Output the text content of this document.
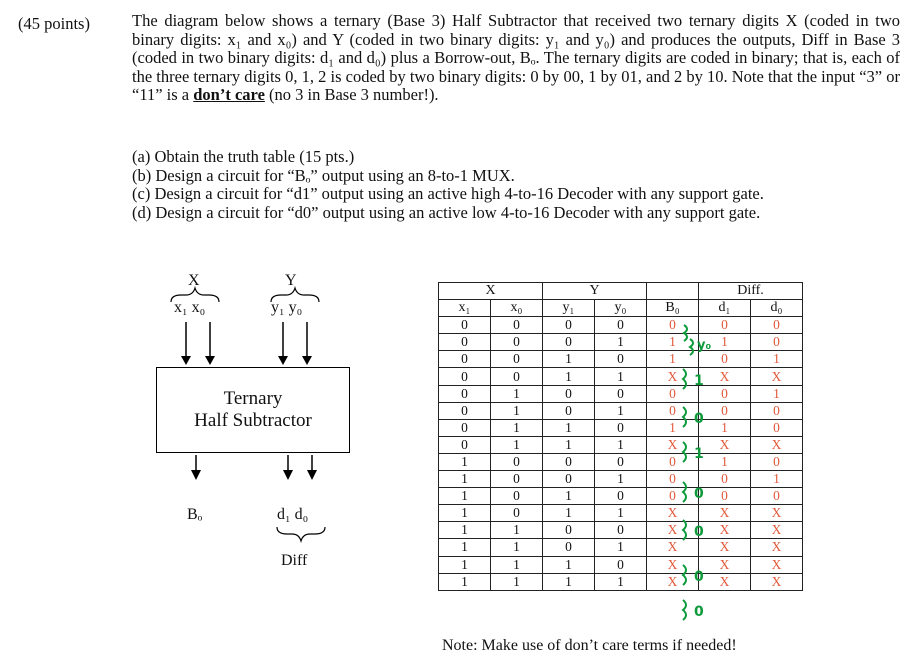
(45 points)	The diagram below shows a ternary (Base 3) Half Subtractor that received two ternary digits X (coded in two binary digits: x₁ and x₀) and Y (coded in two binary digits: y₁ and y₀) and produces the outputs, Diff in Base 3 (coded in two binary digits: d₁ and d₀) plus a Borrow-out, Bₒ. The ternary digits are coded in binary; that is, each of the three ternary digits 0, 1, 2 is coded by two binary digits: 0 by 00, 1 by 01, and 2 by 10. Note that the input “3” or “11” is a don’t care (no 3 in Base 3 number!).
(a) Obtain the truth table (15 pts.)
(b) Design a circuit for “Bₒ” output using an 8-to-1 MUX.
(c) Design a circuit for “d1” output using an active high 4-to-16 Decoder with any support gate.
(d) Design a circuit for “d0” output using an active low 4-to-16 Decoder with any support gate.
X	Y
x₁ x₀	y₁ y₀
Ternary
Half Subtractor
Bₒ	d₁ d₀
Diff
X		Y			Diff.	
x₁	x₀	y₁	y₀	B₀	d₁	d₀
0	0	0	0	0	0	0
0	0	0	1	1	1	0
0	0	1	0	1	0	1
0	0	1	1	X	X	X
0	1	0	0	0	0	1
0	1	0	1	0	0	0
0	1	1	0	1	1	0
0	1	1	1	X	X	X
1	0	0	0	0	1	0
1	0	0	1	0	0	1
1	0	1	0	0	0	0
1	0	1	1	X	X	X
1	1	0	0	X	X	X
1	1	0	1	X	X	X
1	1	1	0	X	X	X
1	1	1	1	X	X	X
y₀
1
0
1
0
0
0
0
Note: Make use of don’t care terms if needed!
